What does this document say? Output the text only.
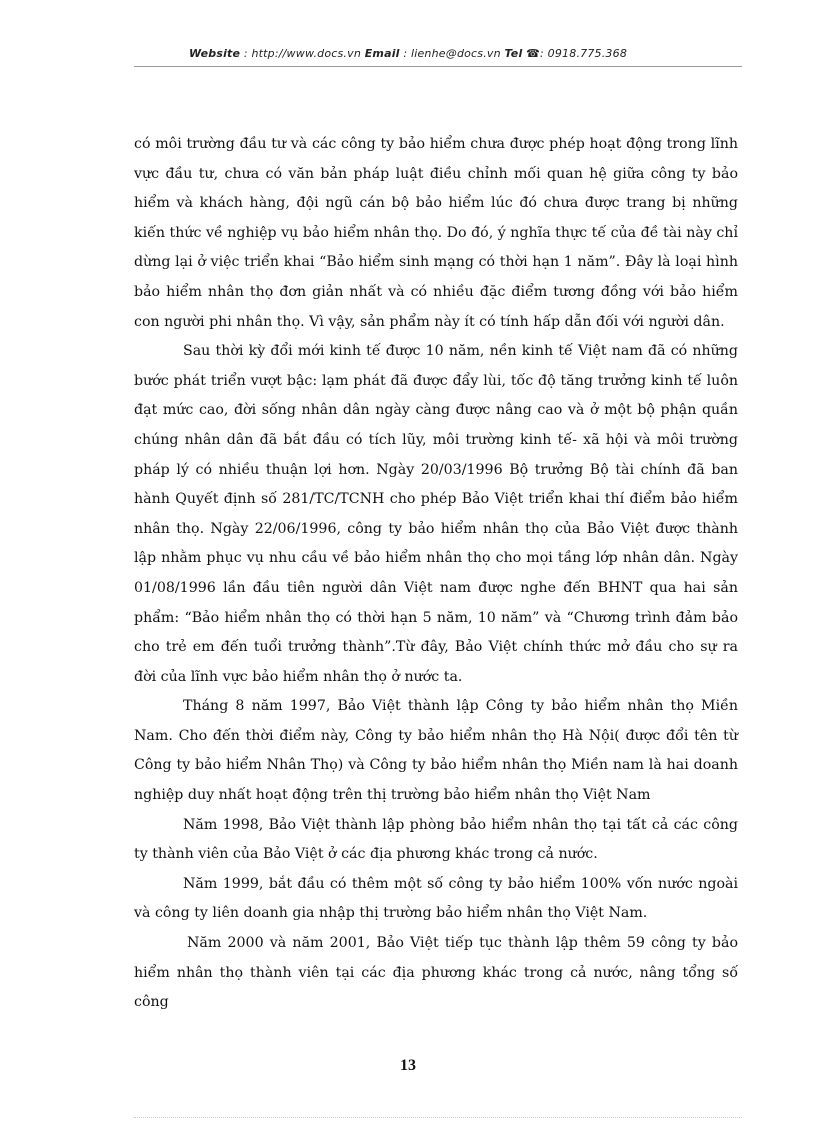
Website : http://www.docs.vn Email : lienhe@docs.vn Tel ☎: 0918.775.368

có môi trường đầu tư và các công ty bảo hiểm chưa được phép hoạt động trong lĩnh vực đầu tư, chưa có văn bản pháp luật điều chỉnh mối quan hệ giữa công ty bảo hiểm và khách hàng, đội ngũ cán bộ bảo hiểm lúc đó chưa được trang bị những kiến thức về nghiệp vụ bảo hiểm nhân thọ. Do đó, ý nghĩa thực tế của đề tài này chỉ dừng lại ở việc triển khai “Bảo hiểm sinh mạng có thời hạn 1 năm”. Đây là loại hình bảo hiểm nhân thọ đơn giản nhất và có nhiều đặc điểm tương đồng với bảo hiểm con người phi nhân thọ. Vì vậy, sản phẩm này ít có tính hấp dẫn đối với người dân.

Sau thời kỳ đổi mới kinh tế được 10 năm, nền kinh tế Việt nam đã có những bước phát triển vượt bậc: lạm phát đã được đẩy lùi, tốc độ tăng trưởng kinh tế luôn đạt mức cao, đời sống nhân dân ngày càng được nâng cao và ở một bộ phận quần chúng nhân dân đã bắt đầu có tích lũy, môi trường kinh tế- xã hội và môi trường pháp lý có nhiều thuận lợi hơn. Ngày 20/03/1996 Bộ trưởng Bộ tài chính đã ban hành Quyết định số 281/TC/TCNH cho phép Bảo Việt triển khai thí điểm bảo hiểm nhân thọ. Ngày 22/06/1996, công ty bảo hiểm nhân thọ của Bảo Việt được thành lập nhằm phục vụ nhu cầu về bảo hiểm nhân thọ cho mọi tầng lớp nhân dân. Ngày 01/08/1996 lần đầu tiên người dân Việt nam được nghe đến BHNT qua hai sản phẩm: “Bảo hiểm nhân thọ có thời hạn 5 năm, 10 năm” và “Chương trình đảm bảo cho trẻ em đến tuổi trưởng thành”.Từ đây, Bảo Việt chính thức mở đầu cho sự ra đời của lĩnh vực bảo hiểm nhân thọ ở nước ta.

Tháng 8 năm 1997, Bảo Việt thành lập Công ty bảo hiểm nhân thọ Miền Nam. Cho đến thời điểm này, Công ty bảo hiểm nhân thọ Hà Nội( được đổi tên từ Công ty bảo hiểm Nhân Thọ) và Công ty bảo hiểm nhân thọ Miền nam là hai doanh nghiệp duy nhất hoạt động trên thị trường bảo hiểm nhân thọ Việt Nam

Năm 1998, Bảo Việt thành lập phòng bảo hiểm nhân thọ tại tất cả các công ty thành viên của Bảo Việt ở các địa phương khác trong cả nước.

Năm 1999, bắt đầu có thêm một số công ty bảo hiểm 100% vốn nước ngoài và công ty liên doanh gia nhập thị trường bảo hiểm nhân thọ Việt Nam.

Năm 2000 và năm 2001, Bảo Việt tiếp tục thành lập thêm 59 công ty bảo hiểm nhân thọ thành viên tại các địa phương khác trong cả nước, nâng tổng số công

13
